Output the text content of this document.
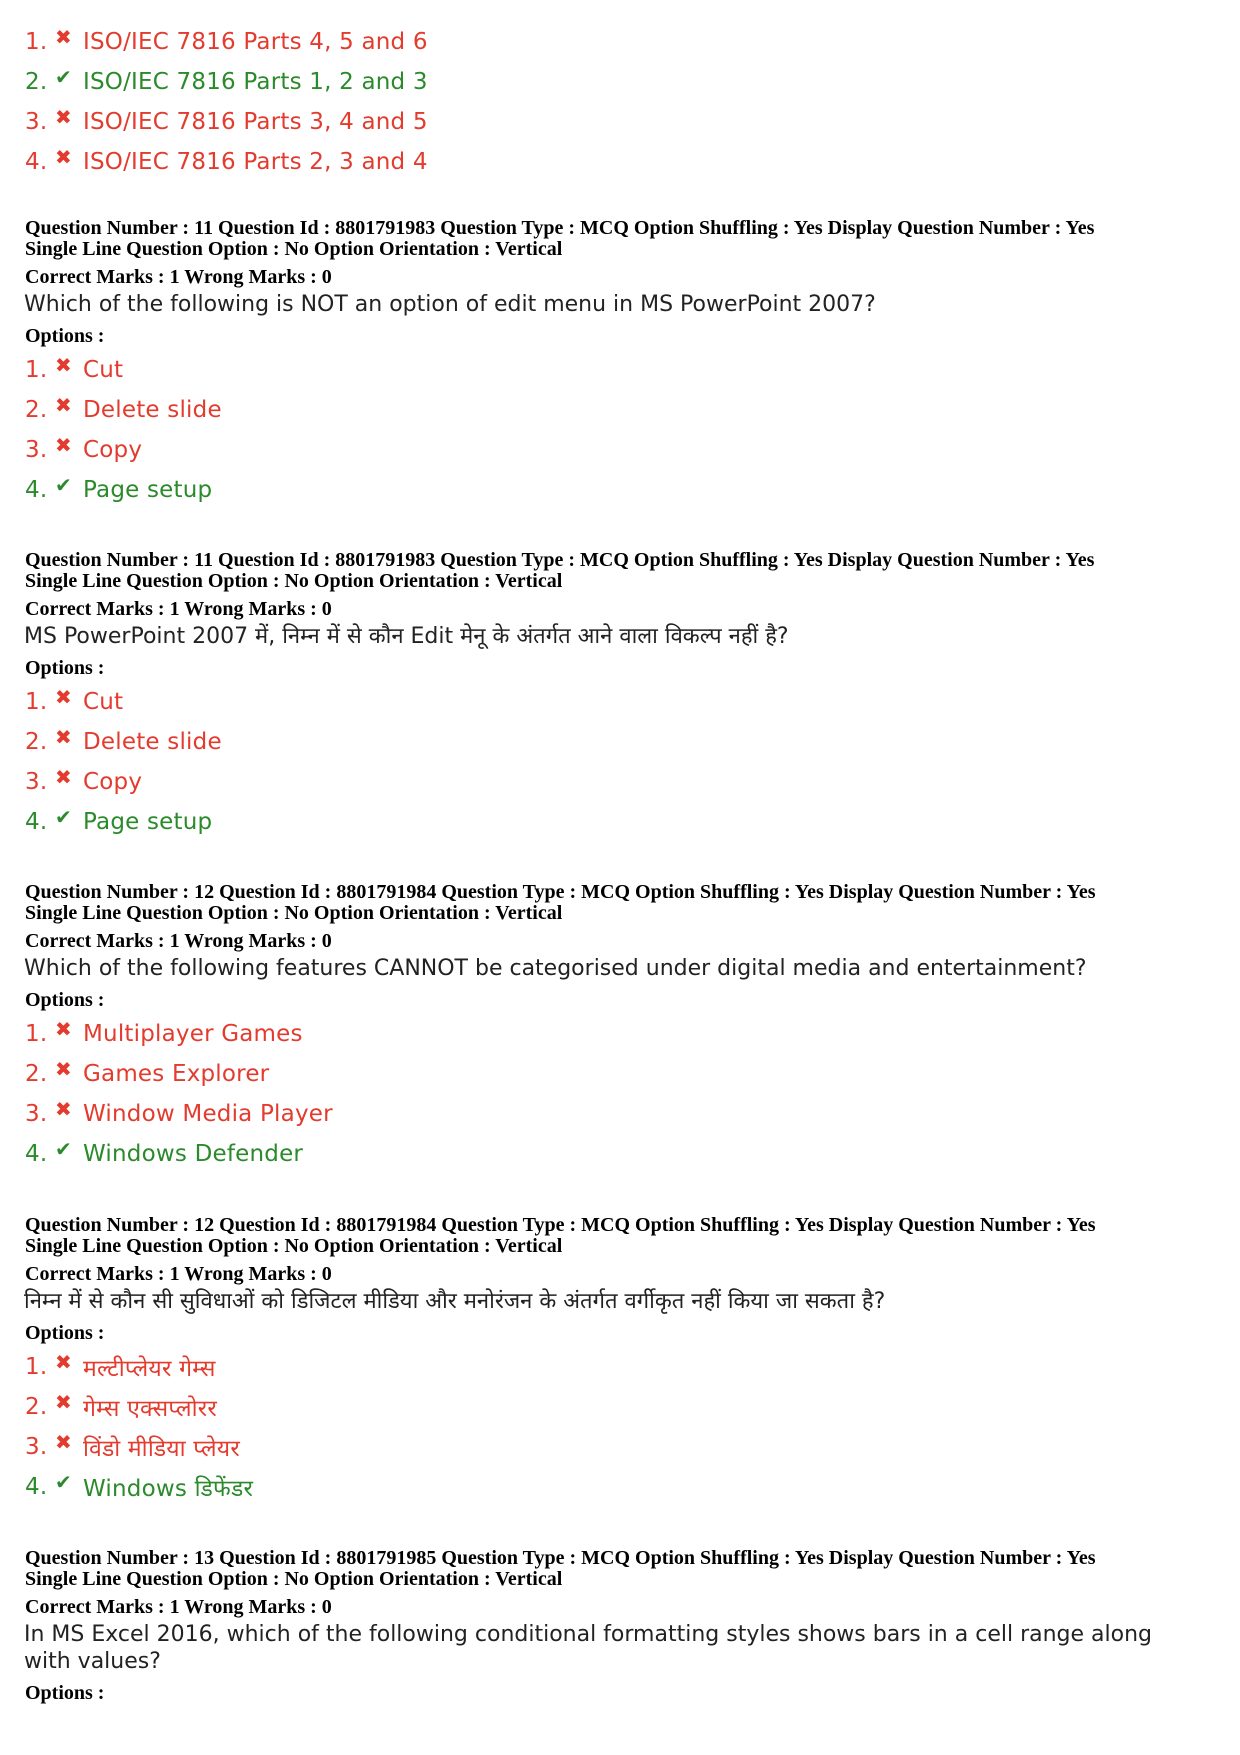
1. ✖ ISO/IEC 7816 Parts 4, 5 and 6
2. ✔ ISO/IEC 7816 Parts 1, 2 and 3
3. ✖ ISO/IEC 7816 Parts 3, 4 and 5
4. ✖ ISO/IEC 7816 Parts 2, 3 and 4
Question Number : 11 Question Id : 8801791983 Question Type : MCQ Option Shuffling : Yes Display Question Number : Yes
Single Line Question Option : No Option Orientation : Vertical
Correct Marks : 1 Wrong Marks : 0
Which of the following is NOT an option of edit menu in MS PowerPoint 2007?
Options :
1. ✖ Cut
2. ✖ Delete slide
3. ✖ Copy
4. ✔ Page setup
Question Number : 11 Question Id : 8801791983 Question Type : MCQ Option Shuffling : Yes Display Question Number : Yes
Single Line Question Option : No Option Orientation : Vertical
Correct Marks : 1 Wrong Marks : 0
MS PowerPoint 2007 में, निम्न में से कौन Edit मेनू के अंतर्गत आने वाला विकल्प नहीं है?
Options :
1. ✖ Cut
2. ✖ Delete slide
3. ✖ Copy
4. ✔ Page setup
Question Number : 12 Question Id : 8801791984 Question Type : MCQ Option Shuffling : Yes Display Question Number : Yes
Single Line Question Option : No Option Orientation : Vertical
Correct Marks : 1 Wrong Marks : 0
Which of the following features CANNOT be categorised under digital media and entertainment?
Options :
1. ✖ Multiplayer Games
2. ✖ Games Explorer
3. ✖ Window Media Player
4. ✔ Windows Defender
Question Number : 12 Question Id : 8801791984 Question Type : MCQ Option Shuffling : Yes Display Question Number : Yes
Single Line Question Option : No Option Orientation : Vertical
Correct Marks : 1 Wrong Marks : 0
निम्न में से कौन सी सुविधाओं को डिजिटल मीडिया और मनोरंजन के अंतर्गत वर्गीकृत नहीं किया जा सकता है?
Options :
1. ✖ मल्टीप्लेयर गेम्स
2. ✖ गेम्स एक्सप्लोरर
3. ✖ विंडो मीडिया प्लेयर
4. ✔ Windows डिफेंडर
Question Number : 13 Question Id : 8801791985 Question Type : MCQ Option Shuffling : Yes Display Question Number : Yes
Single Line Question Option : No Option Orientation : Vertical
Correct Marks : 1 Wrong Marks : 0
In MS Excel 2016, which of the following conditional formatting styles shows bars in a cell range along with values?
Options :
